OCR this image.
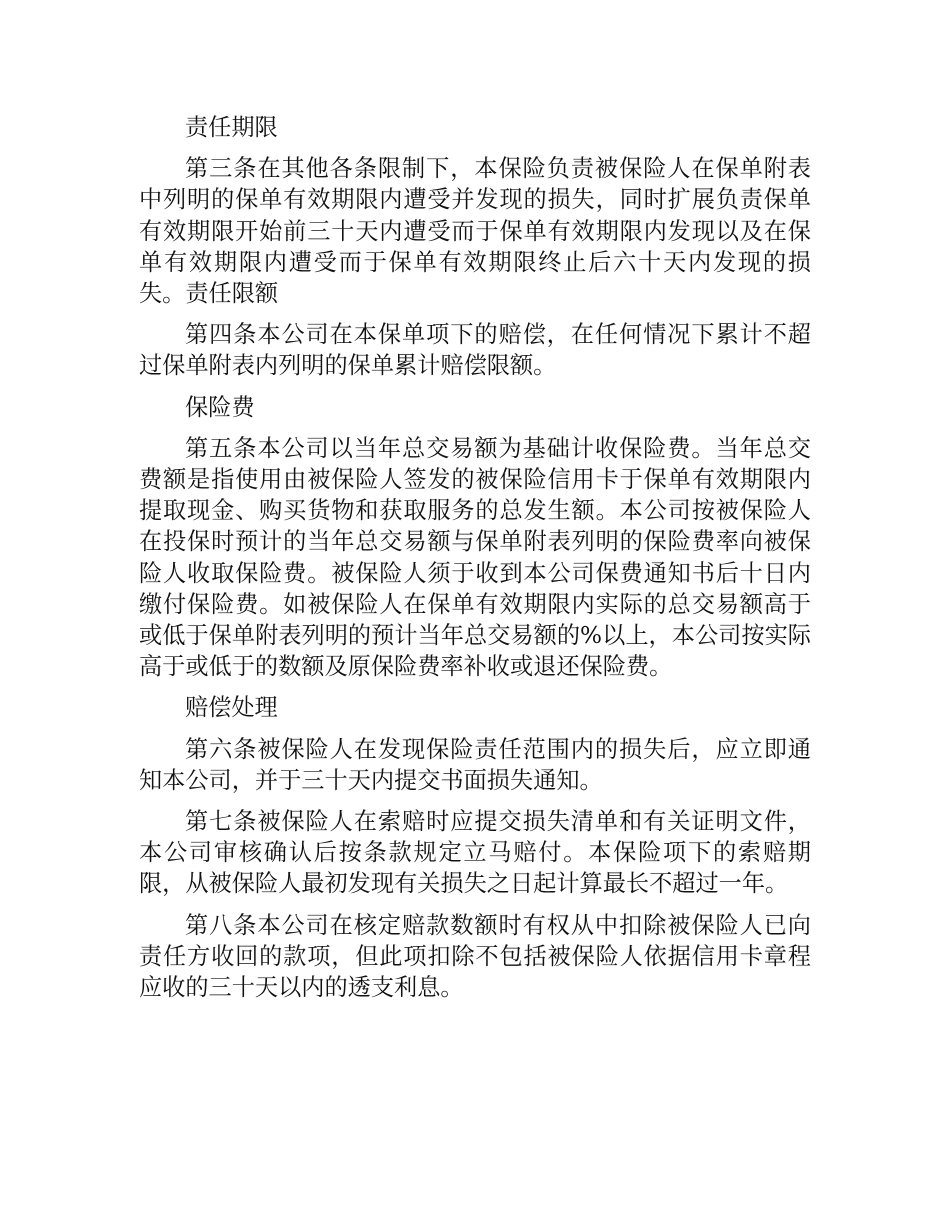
责任期限

第三条在其他各条限制下，本保险负责被保险人在保单附表中列明的保单有效期限内遭受并发现的损失，同时扩展负责保单有效期限开始前三十天内遭受而于保单有效期限内发现以及在保单有效期限内遭受而于保单有效期限终止后六十天内发现的损失。责任限额

第四条本公司在本保单项下的赔偿，在任何情况下累计不超过保单附表内列明的保单累计赔偿限额。

保险费

第五条本公司以当年总交易额为基础计收保险费。当年总交费额是指使用由被保险人签发的被保险信用卡于保单有效期限内提取现金、购买货物和获取服务的总发生额。本公司按被保险人在投保时预计的当年总交易额与保单附表列明的保险费率向被保险人收取保险费。被保险人须于收到本公司保费通知书后十日内缴付保险费。如被保险人在保单有效期限内实际的总交易额高于或低于保单附表列明的预计当年总交易额的%以上，本公司按实际高于或低于的数额及原保险费率补收或退还保险费。

赔偿处理

第六条被保险人在发现保险责任范围内的损失后，应立即通知本公司，并于三十天内提交书面损失通知。

第七条被保险人在索赔时应提交损失清单和有关证明文件，本公司审核确认后按条款规定立马赔付。本保险项下的索赔期限，从被保险人最初发现有关损失之日起计算最长不超过一年。

第八条本公司在核定赔款数额时有权从中扣除被保险人已向责任方收回的款项，但此项扣除不包括被保险人依据信用卡章程应收的三十天以内的透支利息。
